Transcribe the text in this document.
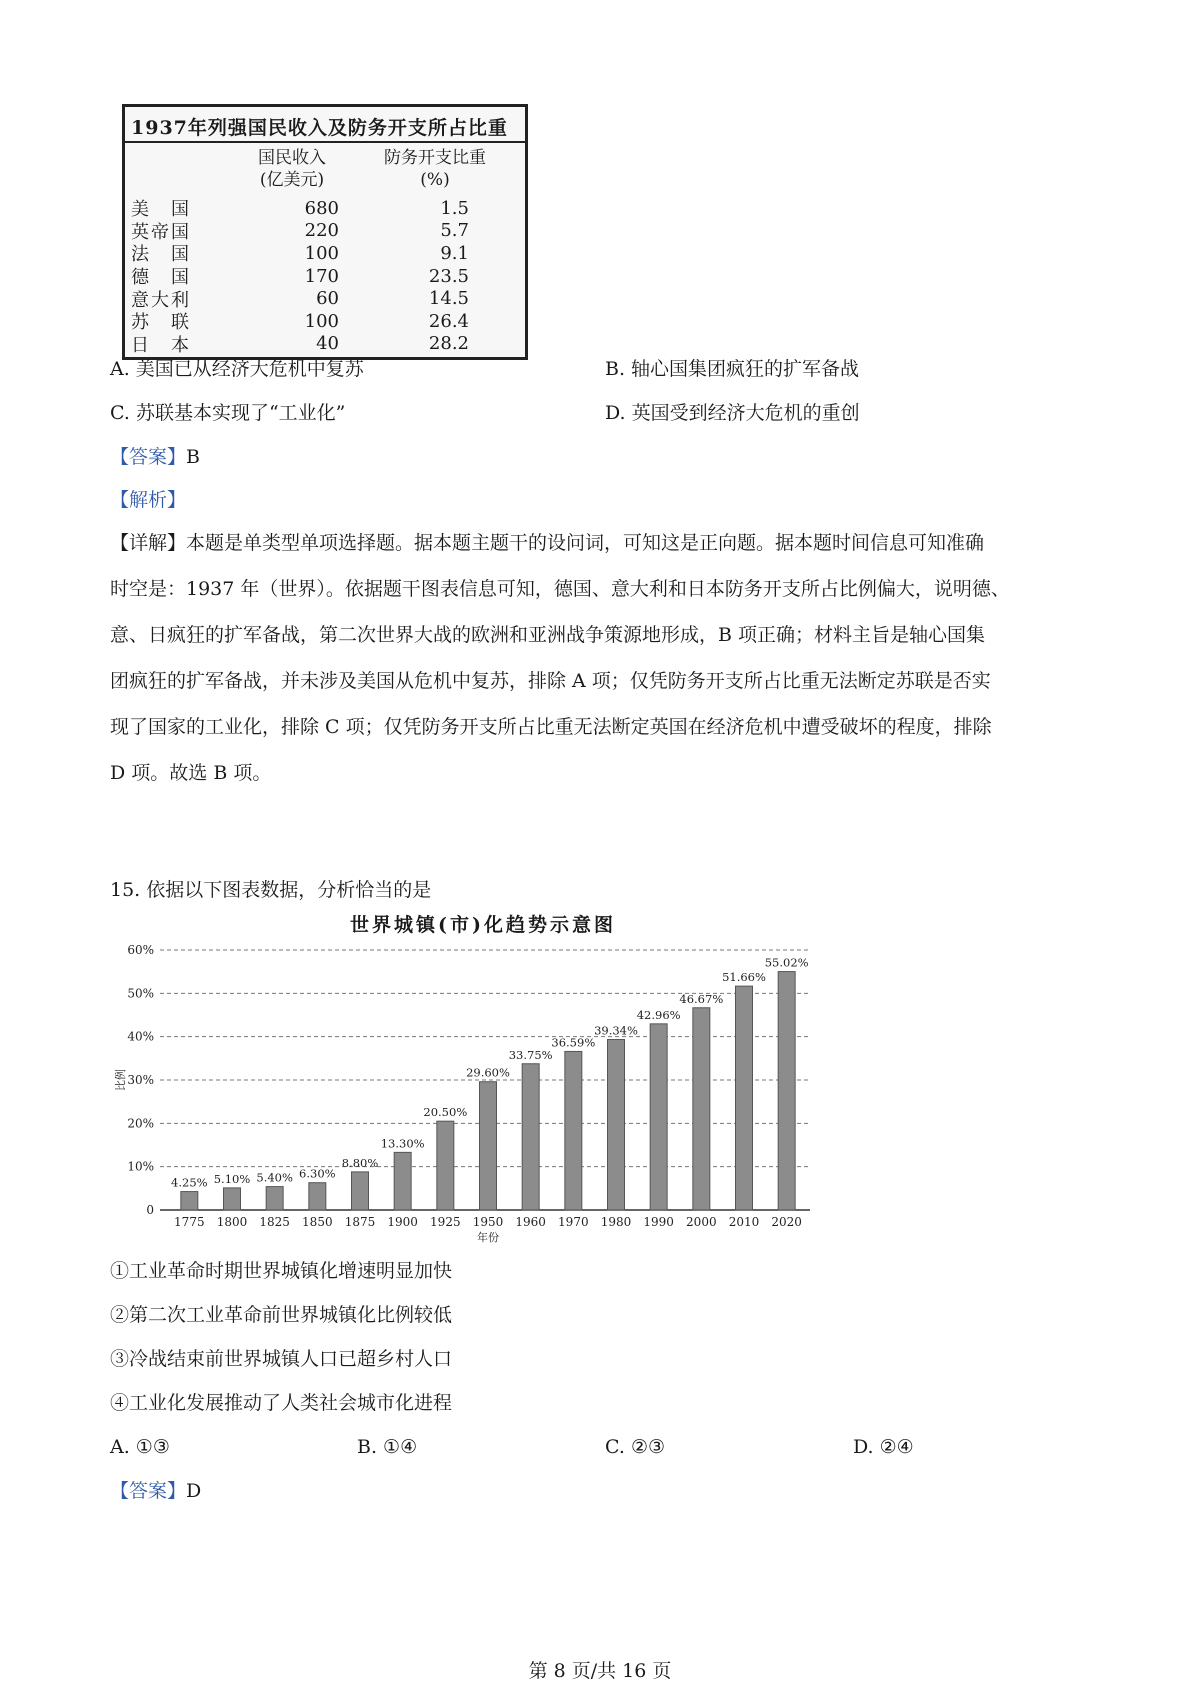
1937年列强国民收入及防务开支所占比重
国民收入
(亿美元)
防务开支比重
(%)
美　国	680	1.5
英帝国	220	5.7
法　国	100	9.1
德　国	170	23.5
意大利	60	14.5
苏　联	100	26.4
日　本	40	28.2
A. 美国已从经济大危机中复苏	B. 轴心国集团疯狂的扩军备战
C. 苏联基本实现了“工业化”	D. 英国受到经济大危机的重创
【答案】B
【解析】
【详解】本题是单类型单项选择题。据本题主题干的设问词，可知这是正向题。据本题时间信息可知准确
时空是：1937 年（世界）。依据题干图表信息可知，德国、意大利和日本防务开支所占比例偏大，说明德、
意、日疯狂的扩军备战，第二次世界大战的欧洲和亚洲战争策源地形成，B 项正确；材料主旨是轴心国集
团疯狂的扩军备战，并未涉及美国从危机中复苏，排除 A 项；仅凭防务开支所占比重无法断定苏联是否实
现了国家的工业化，排除 C 项；仅凭防务开支所占比重无法断定英国在经济危机中遭受破坏的程度，排除
D 项。故选 B 项。
15. 依据以下图表数据，分析恰当的是
世界城镇(市)化趋势示意图
0
10%
20%
30%
40%
50%
60%
4.25%
1775
5.10%
1800
5.40%
1825
6.30%
1850
8.80%
1875
13.30%
1900
20.50%
1925
29.60%
1950
33.75%
1960
36.59%
1970
39.34%
1980
42.96%
1990
46.67%
2000
51.66%
2010
55.02%
2020
年份
比例
①工业革命时期世界城镇化增速明显加快
②第二次工业革命前世界城镇化比例较低
③冷战结束前世界城镇人口已超乡村人口
④工业化发展推动了人类社会城市化进程
A. ①③	B. ①④	C. ②③	D. ②④
【答案】D
第 8 页/共 16 页
